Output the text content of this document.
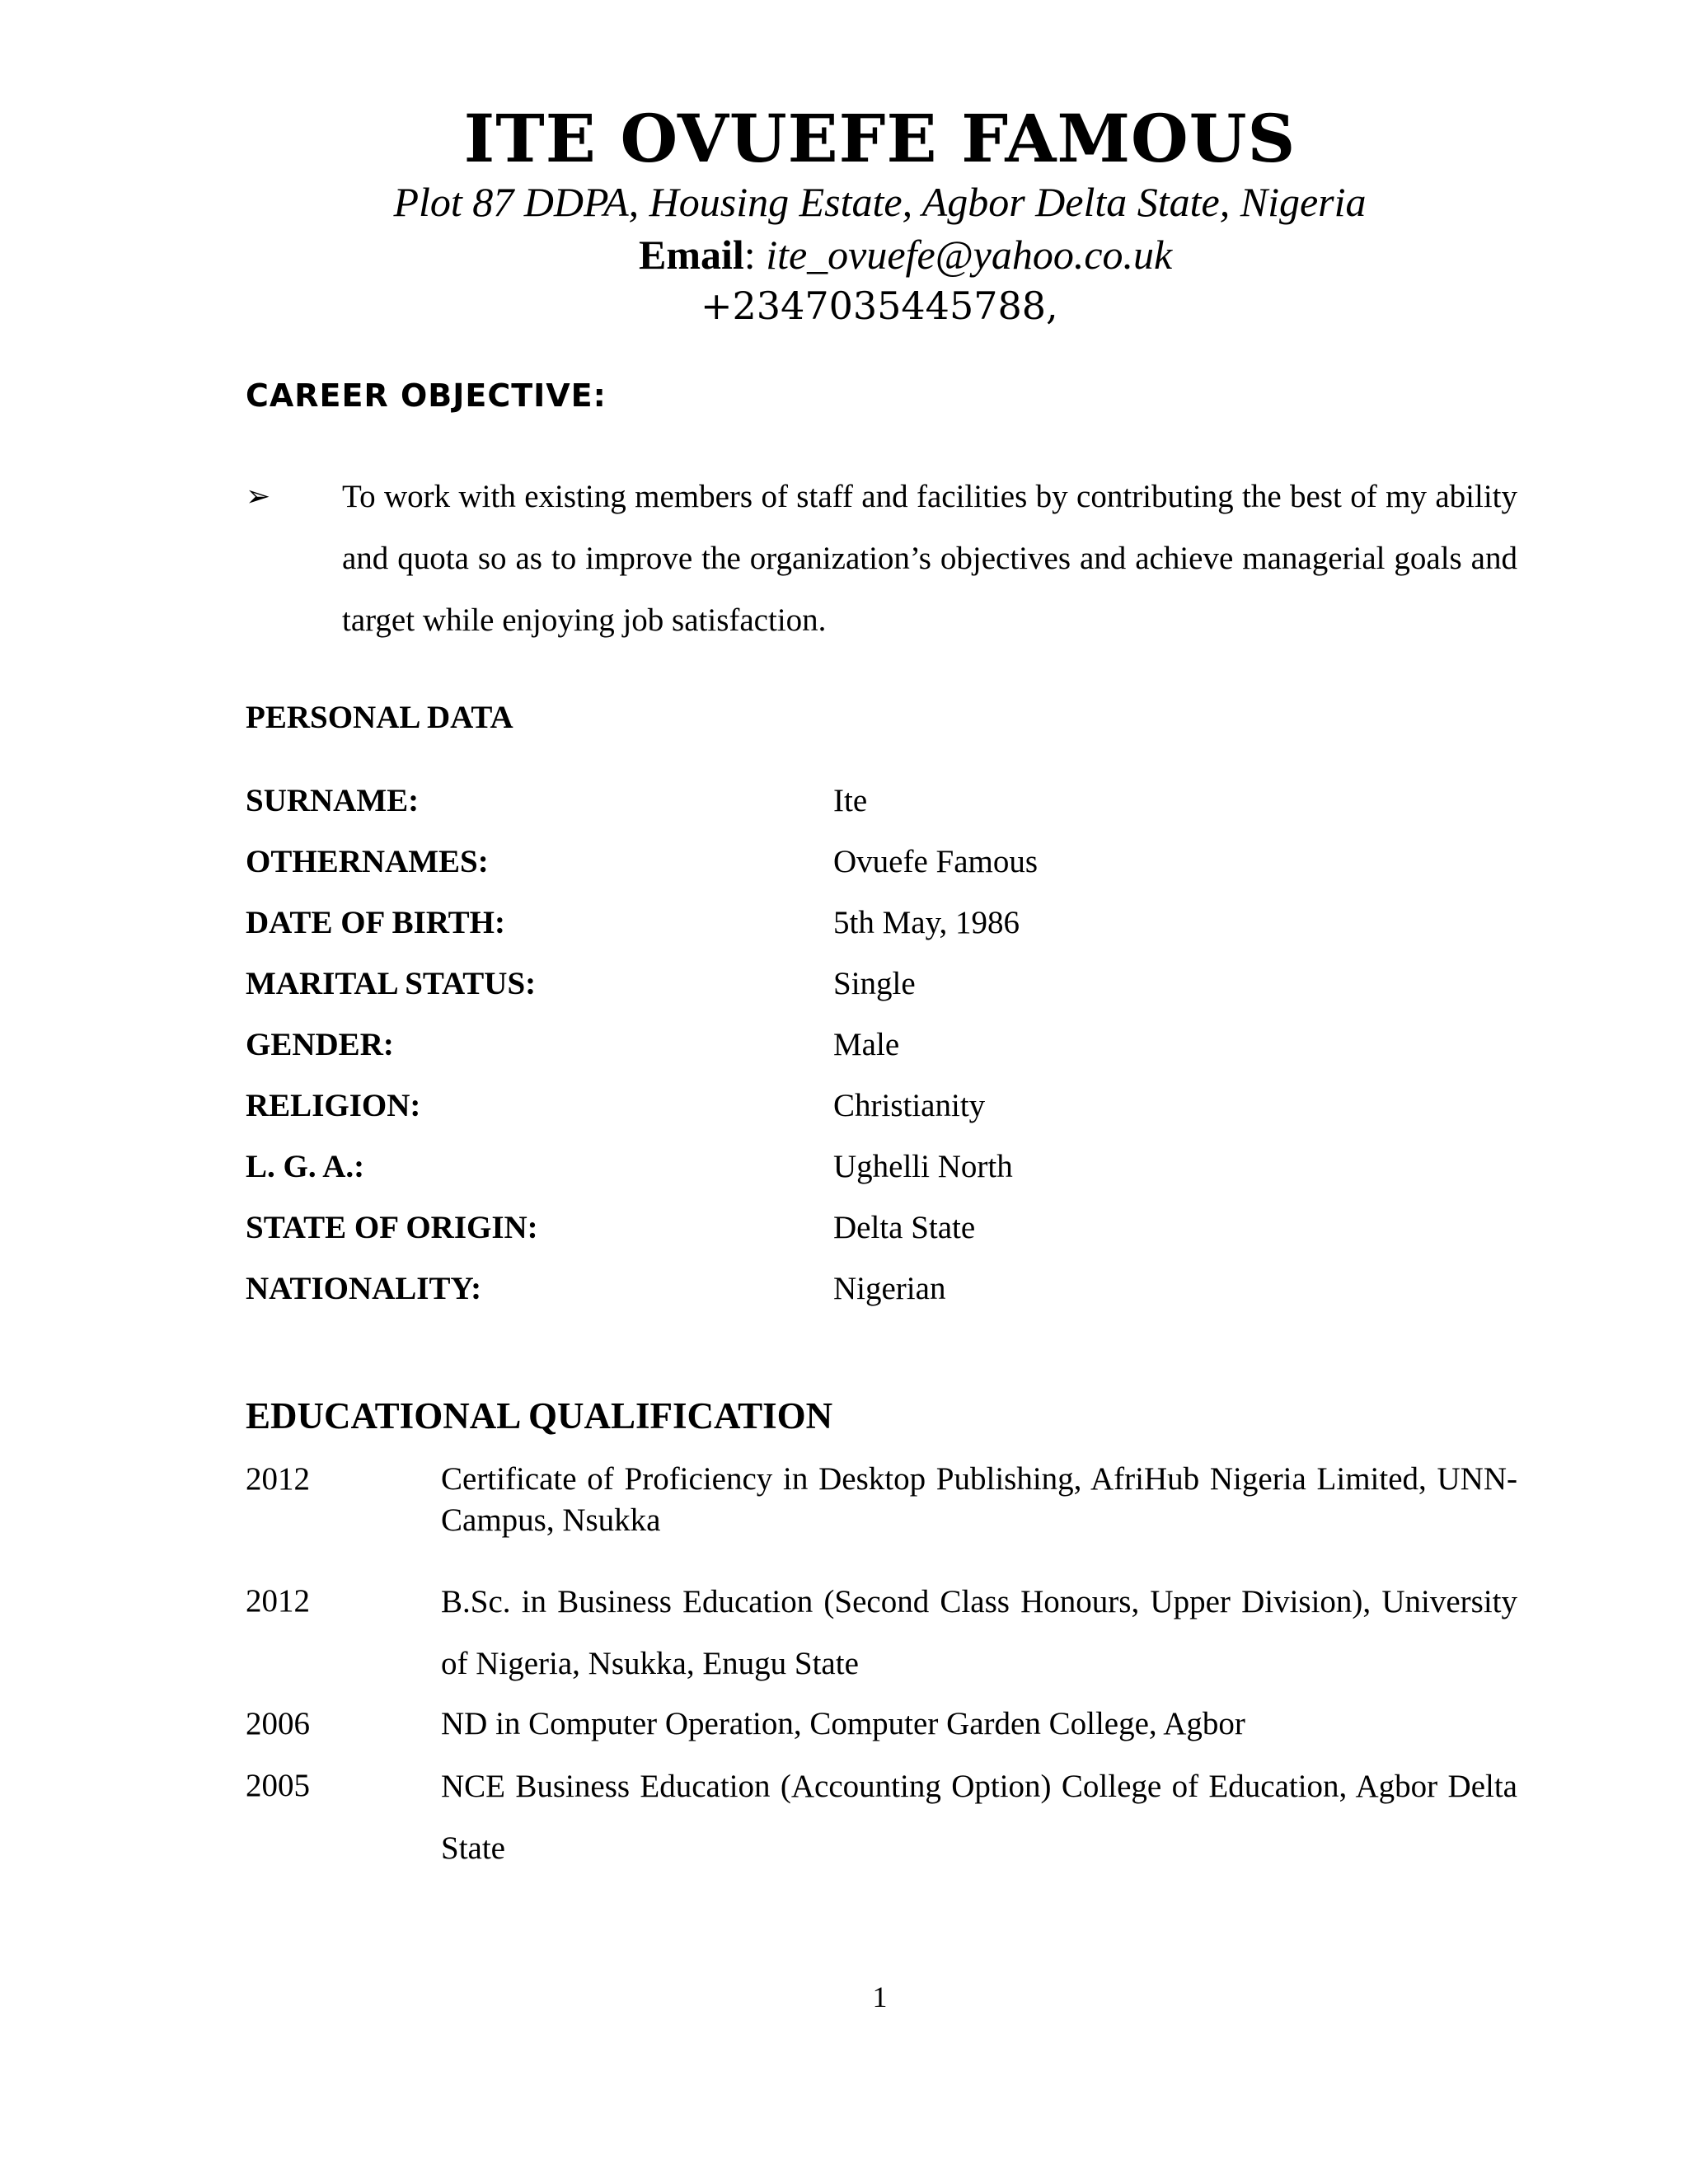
ITE OVUEFE FAMOUS
Plot 87 DDPA, Housing Estate, Agbor Delta State, Nigeria
Email: ite_ovuefe@yahoo.co.uk
+2347035445788,
CAREER OBJECTIVE:
➢ To work with existing members of staff and facilities by contributing the best of my ability and quota so as to improve the organization’s objectives and achieve managerial goals and target while enjoying job satisfaction.
PERSONAL DATA
SURNAME:	Ite
OTHERNAMES:	Ovuefe Famous
DATE OF BIRTH:	5th May, 1986
MARITAL STATUS:	Single
GENDER:	Male
RELIGION:	Christianity
L. G. A.:	Ughelli North
STATE OF ORIGIN:	Delta State
NATIONALITY:	Nigerian
EDUCATIONAL QUALIFICATION
2012	Certificate of Proficiency in Desktop Publishing, AfriHub Nigeria Limited, UNN-Campus, Nsukka
2012	B.Sc. in Business Education (Second Class Honours, Upper Division), University of Nigeria, Nsukka, Enugu State
2006	ND in Computer Operation, Computer Garden College, Agbor
2005	NCE Business Education (Accounting Option) College of Education, Agbor Delta State
1
